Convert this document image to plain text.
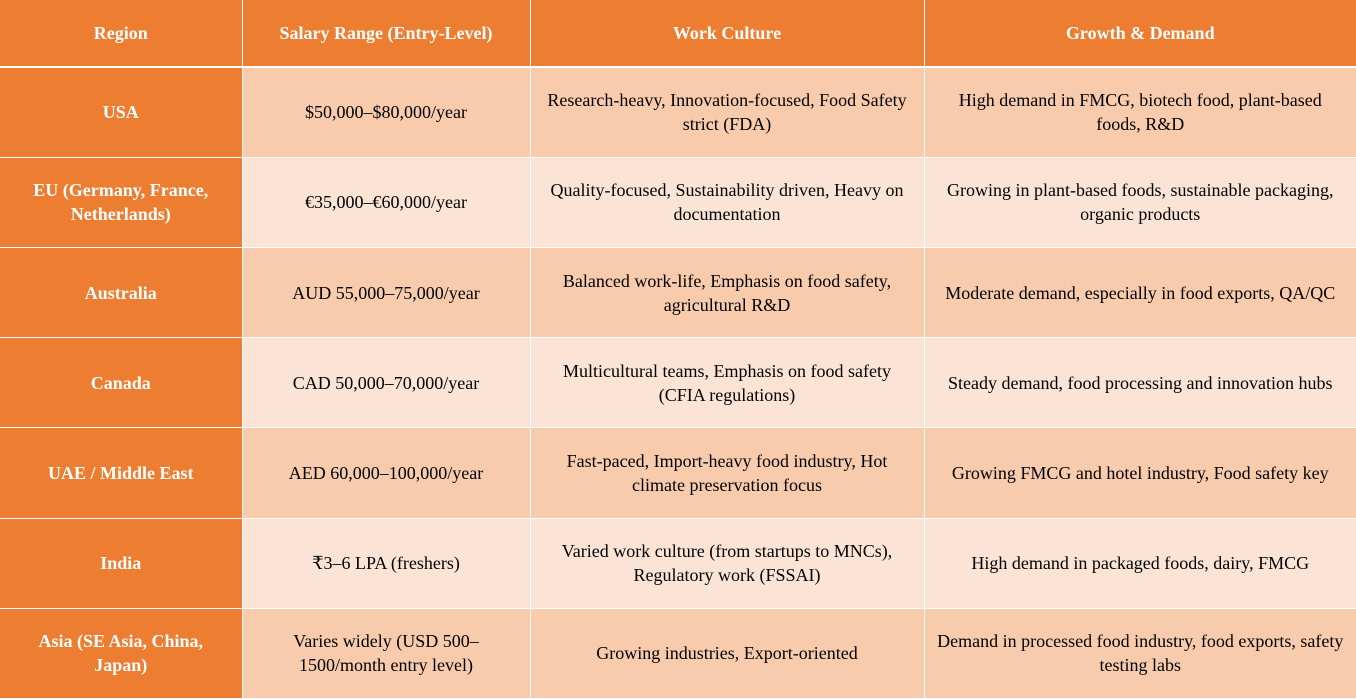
Region	Salary Range (Entry-Level)	Work Culture	Growth & Demand
USA	$50,000–$80,000/year	Research-heavy, Innovation-focused, Food Safety strict (FDA)	High demand in FMCG, biotech food, plant-based foods, R&D
EU (Germany, France, Netherlands)	€35,000–€60,000/year	Quality-focused, Sustainability driven, Heavy on documentation	Growing in plant-based foods, sustainable packaging, organic products
Australia	AUD 55,000–75,000/year	Balanced work-life, Emphasis on food safety, agricultural R&D	Moderate demand, especially in food exports, QA/QC
Canada	CAD 50,000–70,000/year	Multicultural teams, Emphasis on food safety (CFIA regulations)	Steady demand, food processing and innovation hubs
UAE / Middle East	AED 60,000–100,000/year	Fast-paced, Import-heavy food industry, Hot climate preservation focus	Growing FMCG and hotel industry, Food safety key
India	₹3–6 LPA (freshers)	Varied work culture (from startups to MNCs), Regulatory work (FSSAI)	High demand in packaged foods, dairy, FMCG
Asia (SE Asia, China, Japan)	Varies widely (USD 500–1500/month entry level)	Growing industries, Export-oriented	Demand in processed food industry, food exports, safety testing labs
